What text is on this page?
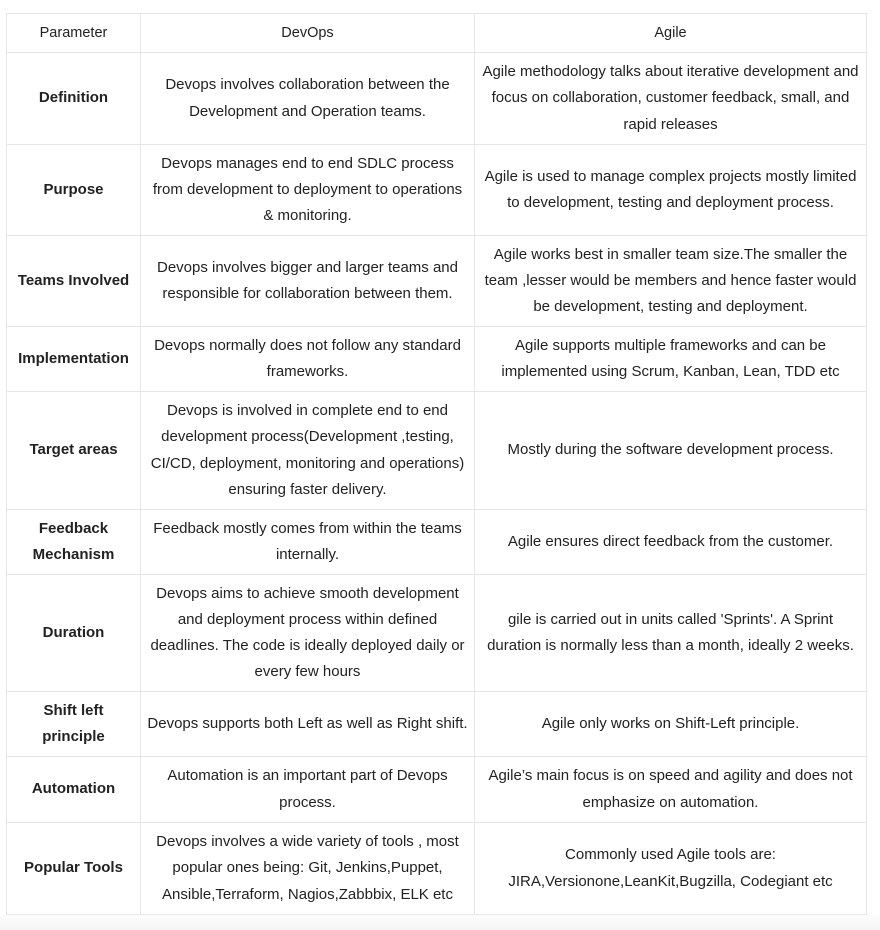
Parameter	DevOps	Agile
Definition	Devops involves collaboration between the Development and Operation teams.	Agile methodology talks about iterative development and focus on collaboration, customer feedback, small, and rapid releases
Purpose	Devops manages end to end SDLC process from development to deployment to operations & monitoring.	Agile is used to manage complex projects mostly limited to development, testing and deployment process.
Teams Involved	Devops involves bigger and larger teams and responsible for collaboration between them.	Agile works best in smaller team size.The smaller the team ,lesser would be members and hence faster would be development, testing and deployment.
Implementation	Devops normally does not follow any standard frameworks.	Agile supports multiple frameworks and can be implemented using Scrum, Kanban, Lean, TDD etc
Target areas	Devops is involved in complete end to end development process(Development ,testing, CI/CD, deployment, monitoring and operations) ensuring faster delivery.	Mostly during the software development process.
Feedback Mechanism	Feedback mostly comes from within the teams internally.	Agile ensures direct feedback from the customer.
Duration	Devops aims to achieve smooth development and deployment process within defined deadlines. The code is ideally deployed daily or every few hours	gile is carried out in units called 'Sprints'. A Sprint duration is normally less than a month, ideally 2 weeks.
Shift left principle	Devops supports both Left as well as Right shift.	Agile only works on Shift-Left principle.
Automation	Automation is an important part of Devops process.	Agile’s main focus is on speed and agility and does not emphasize on automation.
Popular Tools	Devops involves a wide variety of tools , most popular ones being: Git, Jenkins,Puppet, Ansible,Terraform, Nagios,Zabbbix, ELK etc	Commonly used Agile tools are: JIRA,Versionone,LeanKit,Bugzilla, Codegiant etc
